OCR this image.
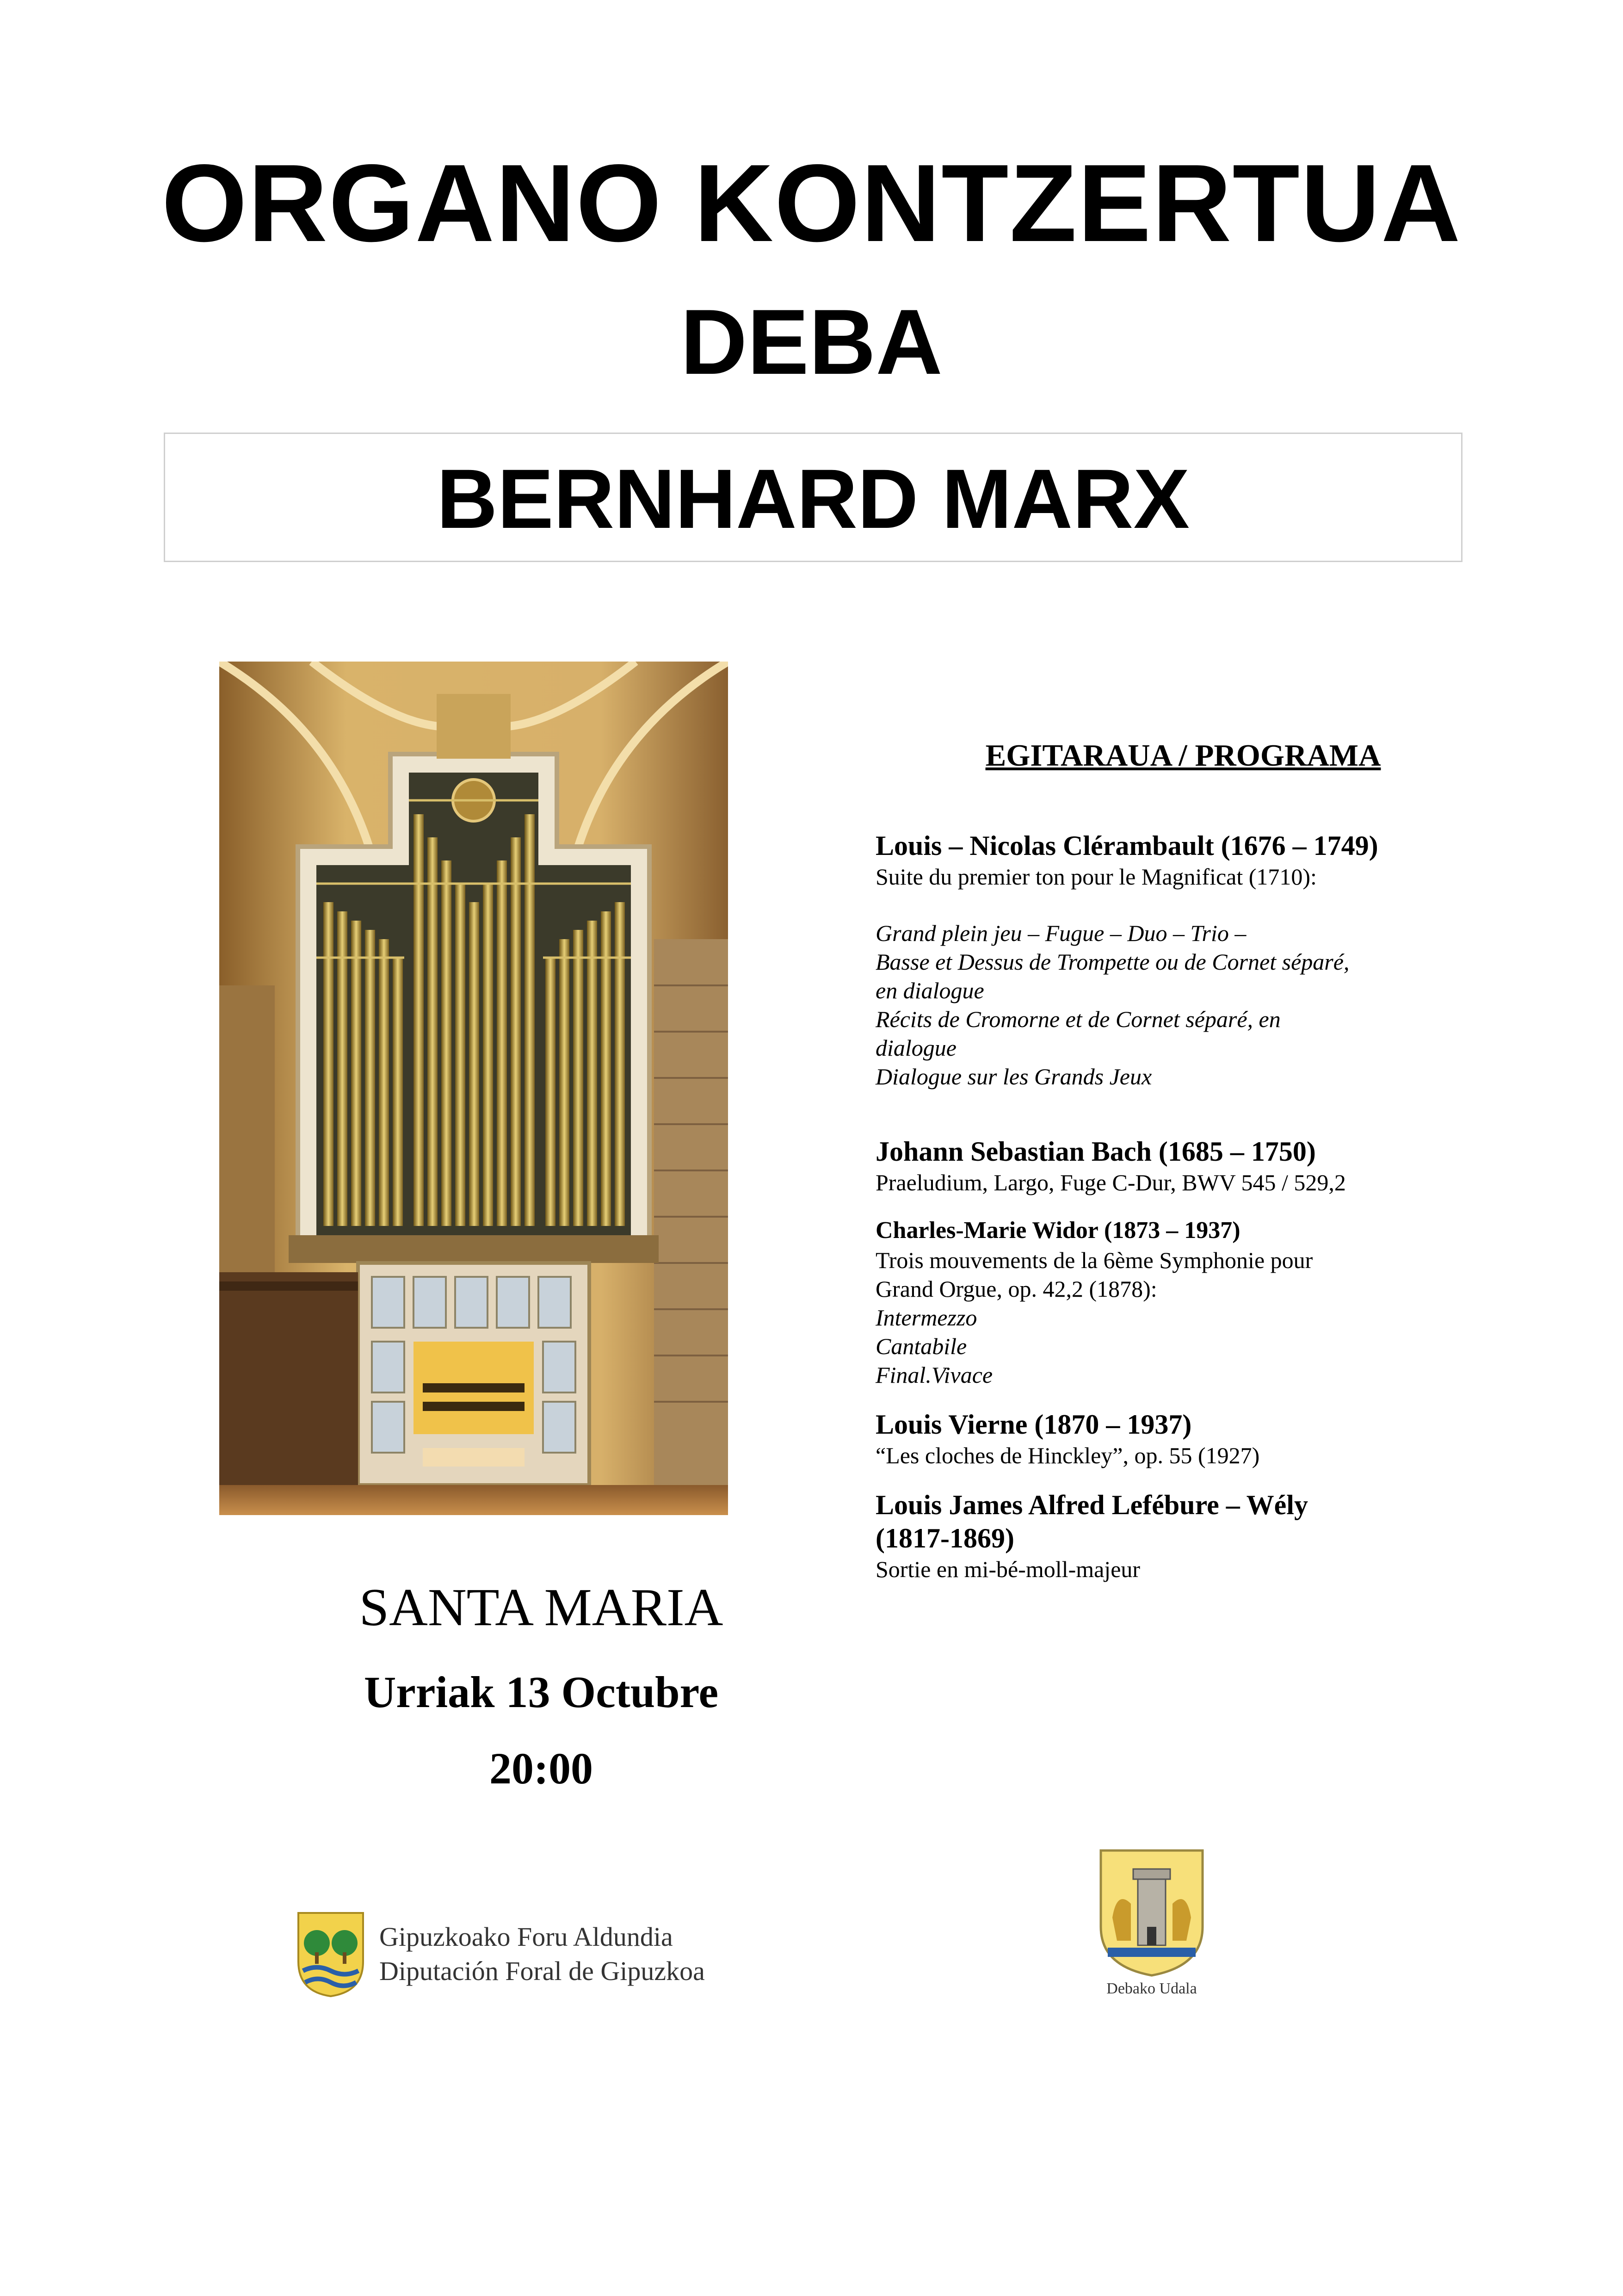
ORGANO KONTZERTUA
DEBA
BERNHARD MARX
SANTA MARIA
Urriak 13 Octubre
20:00
EGITARAUA / PROGRAMA
Louis – Nicolas Clérambault (1676 – 1749)
Suite du premier ton pour le Magnificat (1710):
Grand plein jeu – Fugue – Duo – Trio –
Basse et Dessus de Trompette ou de Cornet séparé,
en dialogue
Récits de Cromorne et de Cornet séparé, en
dialogue
Dialogue sur les Grands Jeux
Johann Sebastian Bach (1685 – 1750)
Praeludium, Largo, Fuge C-Dur, BWV 545 / 529,2
Charles-Marie Widor (1873 – 1937)
Trois mouvements de la 6ème Symphonie pour
Grand Orgue, op. 42,2 (1878):
Intermezzo
Cantabile
Final.Vivace
Louis Vierne (1870 – 1937)
“Les cloches de Hinckley”, op. 55 (1927)
Louis James Alfred Lefébure – Wély
(1817-1869)
Sortie en mi-bé-moll-majeur
Gipuzkoako Foru Aldundia
Diputación Foral de Gipuzkoa
Debako Udala
